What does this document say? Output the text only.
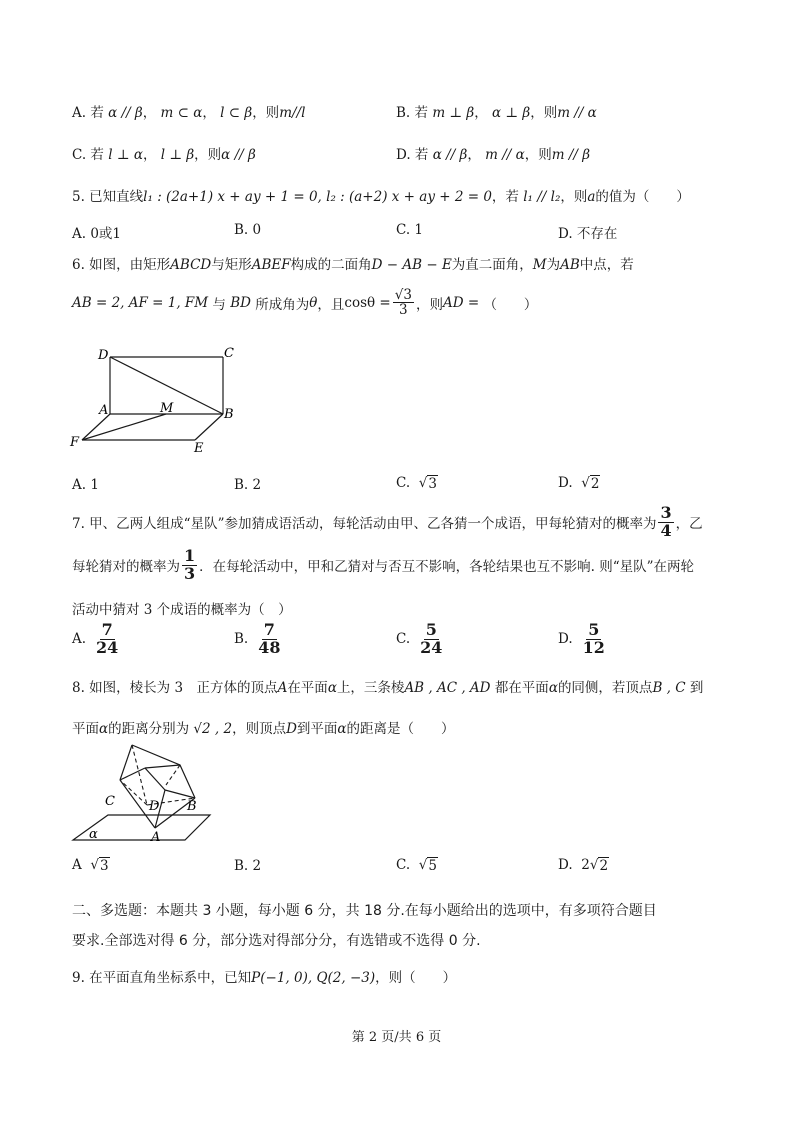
A. 若 α // β， m ⊂ α， l ⊂ β，则m//l	B. 若 m ⊥ β， α ⊥ β，则m // α
C. 若 l ⊥ α， l ⊥ β，则α // β	D. 若 α // β， m // α，则m // β
5. 已知直线l₁ : (2a+1) x + ay + 1 = 0, l₂ : (a+2) x + ay + 2 = 0，若 l₁ // l₂，则a的值为（　　）
A. 0或1	B. 0	C. 1	D. 不存在
6. 如图，由矩形ABCD与矩形ABEF构成的二面角D − AB − E为直二面角，M为AB中点，若
AB = 2, AF = 1, FM
与
BD
所成角为 θ ，且 $\cos\theta = \frac{√3}{3}$ ，则 AD =
（　　）
D	C
A	M	B
F	E
A. 1	B. 2	C. √ 3	D. √ 2
7. 甲、乙两人组成“星队”参加猜成语活动，每轮活动由甲、乙各猜一个成语，甲每轮猜对的概率为 $\frac{3}{4}$ ，乙
每轮猜对的概率为 $\frac{1}{3}$ ．在每轮活动中，甲和乙猜对与否互不影响，各轮结果也互不影响. 则“星队”在两轮
活动中猜对 3 个成语的概率为（　）
A. $\frac{7}{24}$	B. $\frac{7}{48}$	C. $\frac{5}{24}$	D. $\frac{5}{12}$
8. 如图，棱长为 3　正方体的顶点A在平面α上，三条棱AB , AC , AD 都在平面α的同侧，若顶点B , C 到
平面α的距离分别为 √2 , 2，则顶点D到平面α的距离是（　　）
C	D B
A
α
A √ 3	B. 2	C. √ 5	D. 2√ 2
二、多选题：本题共 3 小题，每小题 6 分，共 18 分.在每小题给出的选项中，有多项符合题目
要求.全部选对得 6 分，部分选对得部分分，有选错或不选得 0 分.
9. 在平面直角坐标系中，已知P(−1, 0), Q(2, −3)，则（　　）
第 2 页/共 6 页
